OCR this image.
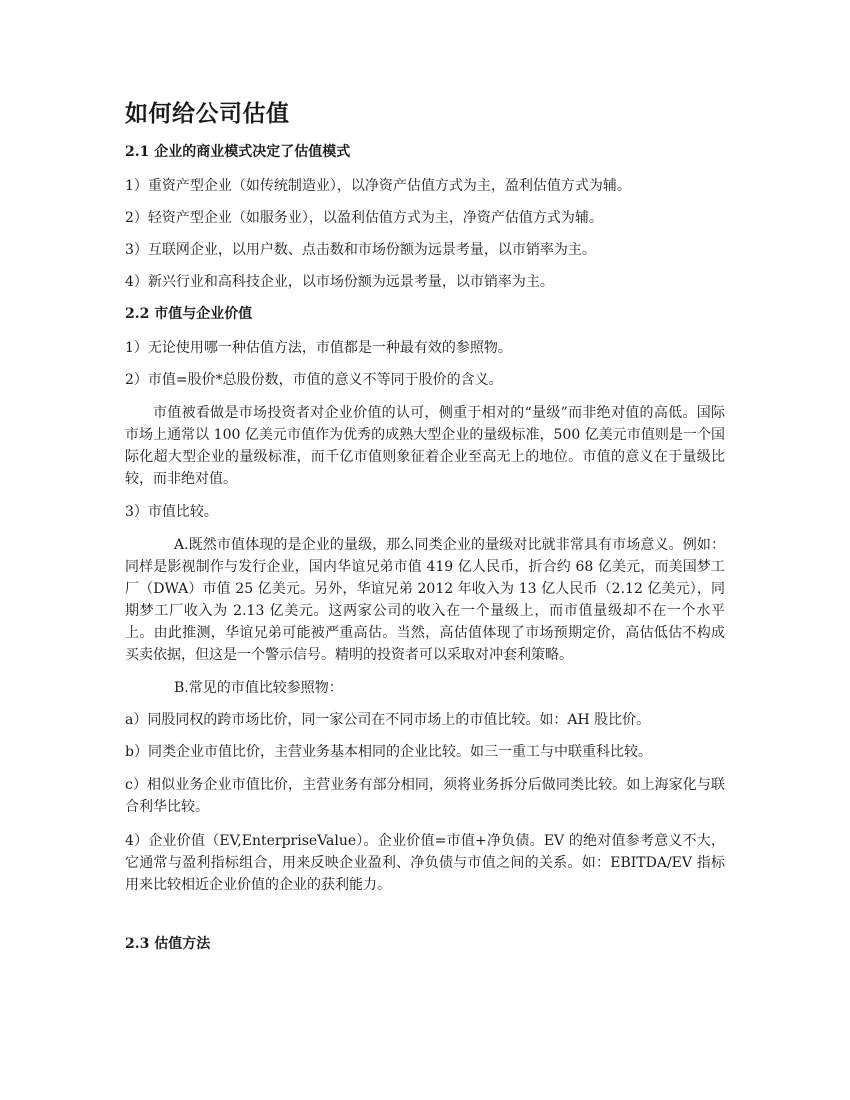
如何给公司估值
2.1 企业的商业模式决定了估值模式
1）重资产型企业（如传统制造业），以净资产估值方式为主，盈利估值方式为辅。
2）轻资产型企业（如服务业），以盈利估值方式为主，净资产估值方式为辅。
3）互联网企业，以用户数、点击数和市场份额为远景考量，以市销率为主。
4）新兴行业和高科技企业，以市场份额为远景考量，以市销率为主。
2.2 市值与企业价值
1）无论使用哪一种估值方法，市值都是一种最有效的参照物。
2）市值=股价*总股份数，市值的意义不等同于股价的含义。
市值被看做是市场投资者对企业价值的认可，侧重于相对的“量级”而非绝对值的高低。国际市场上通常以 100 亿美元市值作为优秀的成熟大型企业的量级标准，500 亿美元市值则是一个国际化超大型企业的量级标准，而千亿市值则象征着企业至高无上的地位。市值的意义在于量级比较，而非绝对值。
3）市值比较。
A.既然市值体现的是企业的量级，那么同类企业的量级对比就非常具有市场意义。例如：同样是影视制作与发行企业，国内华谊兄弟市值 419 亿人民币，折合约 68 亿美元，而美国梦工厂（DWA）市值 25 亿美元。另外，华谊兄弟 2012 年收入为 13 亿人民币（2.12 亿美元），同期梦工厂收入为 2.13 亿美元。这两家公司的收入在一个量级上，而市值量级却不在一个水平上。由此推测，华谊兄弟可能被严重高估。当然，高估值体现了市场预期定价，高估低估不构成买卖依据，但这是一个警示信号。精明的投资者可以采取对冲套利策略。
B.常见的市值比较参照物：
a）同股同权的跨市场比价，同一家公司在不同市场上的市值比较。如：AH 股比价。
b）同类企业市值比价，主营业务基本相同的企业比较。如三一重工与中联重科比较。
c）相似业务企业市值比价，主营业务有部分相同，须将业务拆分后做同类比较。如上海家化与联合利华比较。
4）企业价值（EV,EnterpriseValue）。企业价值=市值+净负债。EV 的绝对值参考意义不大，它通常与盈利指标组合，用来反映企业盈利、净负债与市值之间的关系。如：EBITDA/EV 指标用来比较相近企业价值的企业的获利能力。
2.3 估值方法
